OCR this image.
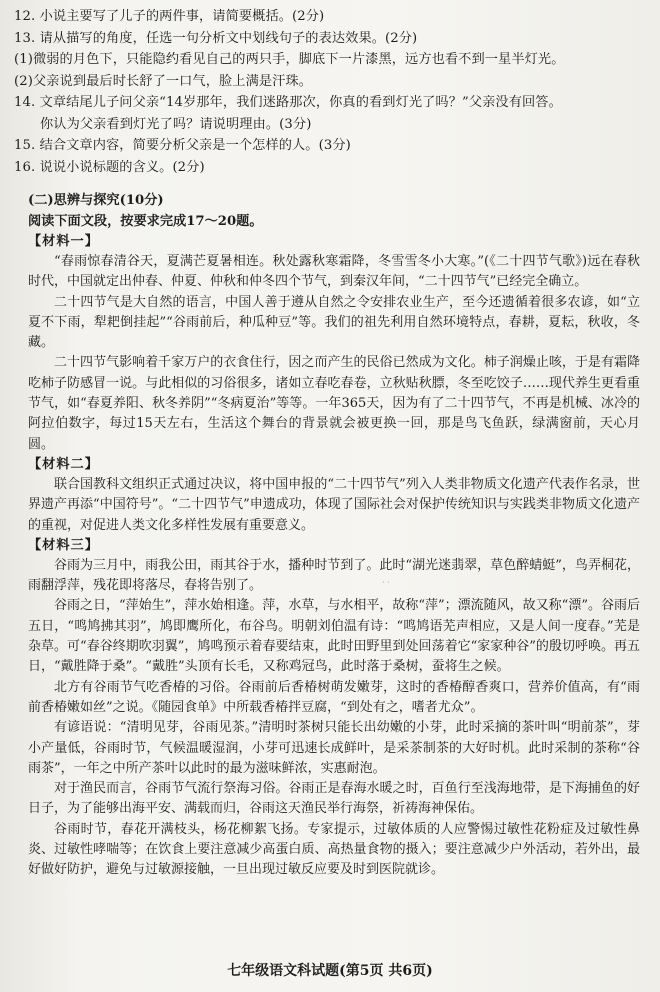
12. 小说主要写了儿子的两件事，请简要概括。(2分)
13. 请从描写的角度，任选一句分析文中划线句子的表达效果。(2分)
(1)微弱的月色下，只能隐约看见自己的两只手，脚底下一片漆黑，远方也看不到一星半灯光。
(2)父亲说到最后时长舒了一口气，脸上满是汗珠。
14. 文章结尾儿子问父亲“14岁那年，我们迷路那次，你真的看到灯光了吗？”父亲没有回答。
你认为父亲看到灯光了吗？请说明理由。(3分)
15. 结合文章内容，简要分析父亲是一个怎样的人。(3分)
16. 说说小说标题的含义。(2分)
(二)思辨与探究(10分)
阅读下面文段，按要求完成17～20题。
【材料一】

“春雨惊春清谷天，夏满芒夏暑相连。秋处露秋寒霜降，冬雪雪冬小大寒。”(《二十四节气歌》)远在春秋时代，中国就定出仲春、仲夏、仲秋和仲冬四个节气，到秦汉年间，“二十四节气”已经完全确立。

二十四节气是大自然的语言，中国人善于遵从自然之令安排农业生产，至今还遗循着很多农谚，如“立夏不下雨，犁耙倒挂起”“谷雨前后，种瓜种豆”等。我们的祖先利用自然环境特点，春耕，夏耘，秋收，冬藏。

二十四节气影响着千家万户的衣食住行，因之而产生的民俗已然成为文化。柿子润燥止咳，于是有霜降吃柿子防感冒一说。与此相似的习俗很多，诸如立春吃春卷，立秋贴秋膘，冬至吃饺子……现代养生更看重节气，如“春夏养阳、秋冬养阴”“冬病夏治”等等。一年365天，因为有了二十四节气，不再是机械、冰冷的阿拉伯数字，每过15天左右，生活这个舞台的背景就会被更换一回，那是鸟飞鱼跃，绿满窗前，天心月圆。

【材料二】

联合国教科文组织正式通过决议，将中国申报的“二十四节气”列入人类非物质文化遗产代表作名录，世界遗产再添“中国符号”。“二十四节气”申遗成功，体现了国际社会对保护传统知识与实践类非物质文化遗产的重视，对促进人类文化多样性发展有重要意义。

【材料三】

谷雨为三月中，雨我公田，雨其谷于水，播种时节到了。此时“湖光迷翡翠，草色醉蜻蜓”，鸟弄桐花，雨翻浮萍，残花即将落尽，春将告别了。

谷雨之日，“萍始生”，萍水始相逢。萍，水草，与水相平，故称“萍”；漂流随风，故又称“漂”。谷雨后五日，“鸣鸠拂其羽”，鸠即鹰所化，布谷鸟。明朝刘伯温有诗：“鸣鸠语芜声相应，又是人间一度春。”芜是杂草。可“春谷终期吹羽翼”，鸠鸣预示着春要结束，此时田野里到处回荡着它“家家种谷”的殷切呼唤。再五日，“戴胜降于桑”。“戴胜”头顶有长毛，又称鸡冠鸟，此时落于桑树，蚕将生之候。

北方有谷雨节气吃香椿的习俗。谷雨前后香椿树萌发嫩芽，这时的香椿醇香爽口，营养价值高，有“雨前香椿嫩如丝”之说。《随园食单》中所载香椿拌豆腐，“到处有之，嗜者尤众”。

有谚语说：“清明见芽，谷雨见茶。”清明时茶树只能长出幼嫩的小芽，此时采摘的茶叶叫“明前茶”，芽小产量低，谷雨时节，气候温暖湿润，小芽可迅速长成鲜叶，是采茶制茶的大好时机。此时采制的茶称“谷雨茶”，一年之中所产茶叶以此时的最为滋味鲜浓，实惠耐泡。

对于渔民而言，谷雨节气流行祭海习俗。谷雨正是春海水暖之时，百鱼行至浅海地带，是下海捕鱼的好日子，为了能够出海平安、满载而归，谷雨这天渔民举行海祭，祈祷海神保佑。

谷雨时节，春花开满枝头，杨花柳絮飞扬。专家提示，过敏体质的人应警惕过敏性花粉症及过敏性鼻炎、过敏性哮喘等；在饮食上要注意减少高蛋白质、高热量食物的摄入；要注意减少户外活动，若外出，最好做好防护，避免与过敏源接触，一旦出现过敏反应要及时到医院就诊。

· ·
七年级语文科试题(第5页 共6页)
